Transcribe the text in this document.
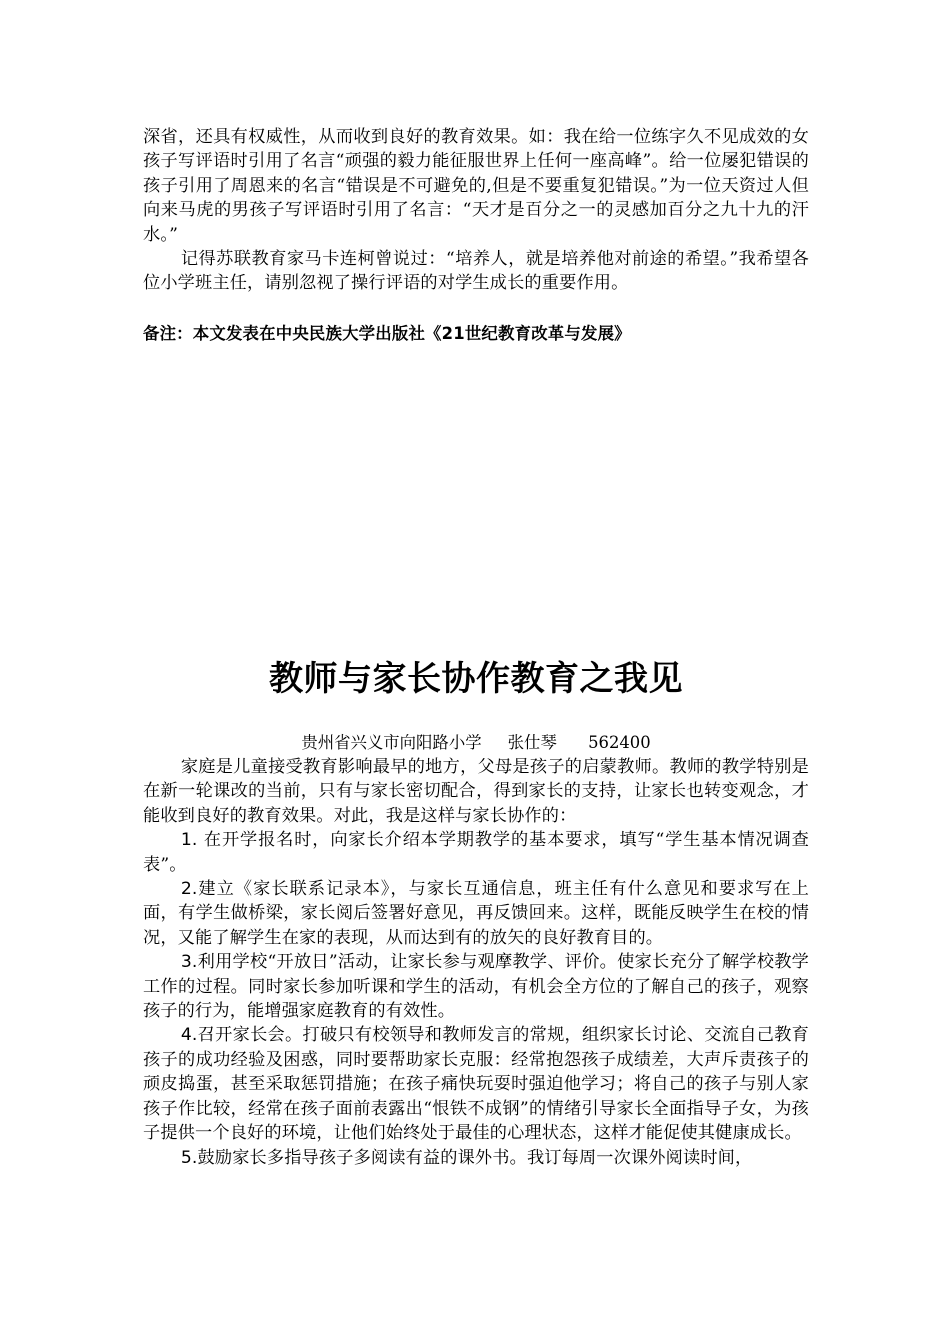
深省，还具有权威性，从而收到良好的教育效果。如：我在给一位练字久不见成效的女孩子写评语时引用了名言“顽强的毅力能征服世界上任何一座高峰”。给一位屡犯错误的孩子引用了周恩来的名言“错误是不可避免的,但是不要重复犯错误。”为一位天资过人但向来马虎的男孩子写评语时引用了名言：“天才是百分之一的灵感加百分之九十九的汗水。”

记得苏联教育家马卡连柯曾说过：“培养人，就是培养他对前途的希望。”我希望各位小学班主任，请别忽视了操行评语的对学生成长的重要作用。

备注：本文发表在中央民族大学出版社《21世纪教育改革与发展》
教师与家长协作教育之我见
贵州省兴义市向阳路小学     张仕琴      562400

家庭是儿童接受教育影响最早的地方，父母是孩子的启蒙教师。教师的教学特别是在新一轮课改的当前，只有与家长密切配合，得到家长的支持，让家长也转变观念，才能收到良好的教育效果。对此，我是这样与家长协作的：

1. 在开学报名时，向家长介绍本学期教学的基本要求，填写“学生基本情况调查表”。

2.建立《家长联系记录本》，与家长互通信息，班主任有什么意见和要求写在上面，有学生做桥梁，家长阅后签署好意见，再反馈回来。这样，既能反映学生在校的情况，又能了解学生在家的表现，从而达到有的放矢的良好教育目的。

3.利用学校“开放日”活动，让家长参与观摩教学、评价。使家长充分了解学校教学工作的过程。同时家长参加听课和学生的活动，有机会全方位的了解自己的孩子，观察孩子的行为，能增强家庭教育的有效性。

4.召开家长会。打破只有校领导和教师发言的常规，组织家长讨论、交流自己教育孩子的成功经验及困惑，同时要帮助家长克服：经常抱怨孩子成绩差，大声斥责孩子的顽皮捣蛋，甚至采取惩罚措施；在孩子痛快玩耍时强迫他学习；将自己的孩子与别人家孩子作比较，经常在孩子面前表露出“恨铁不成钢”的情绪引导家长全面指导子女，为孩子提供一个良好的环境，让他们始终处于最佳的心理状态，这样才能促使其健康成长。

5.鼓励家长多指导孩子多阅读有益的课外书。我订每周一次课外阅读时间，
